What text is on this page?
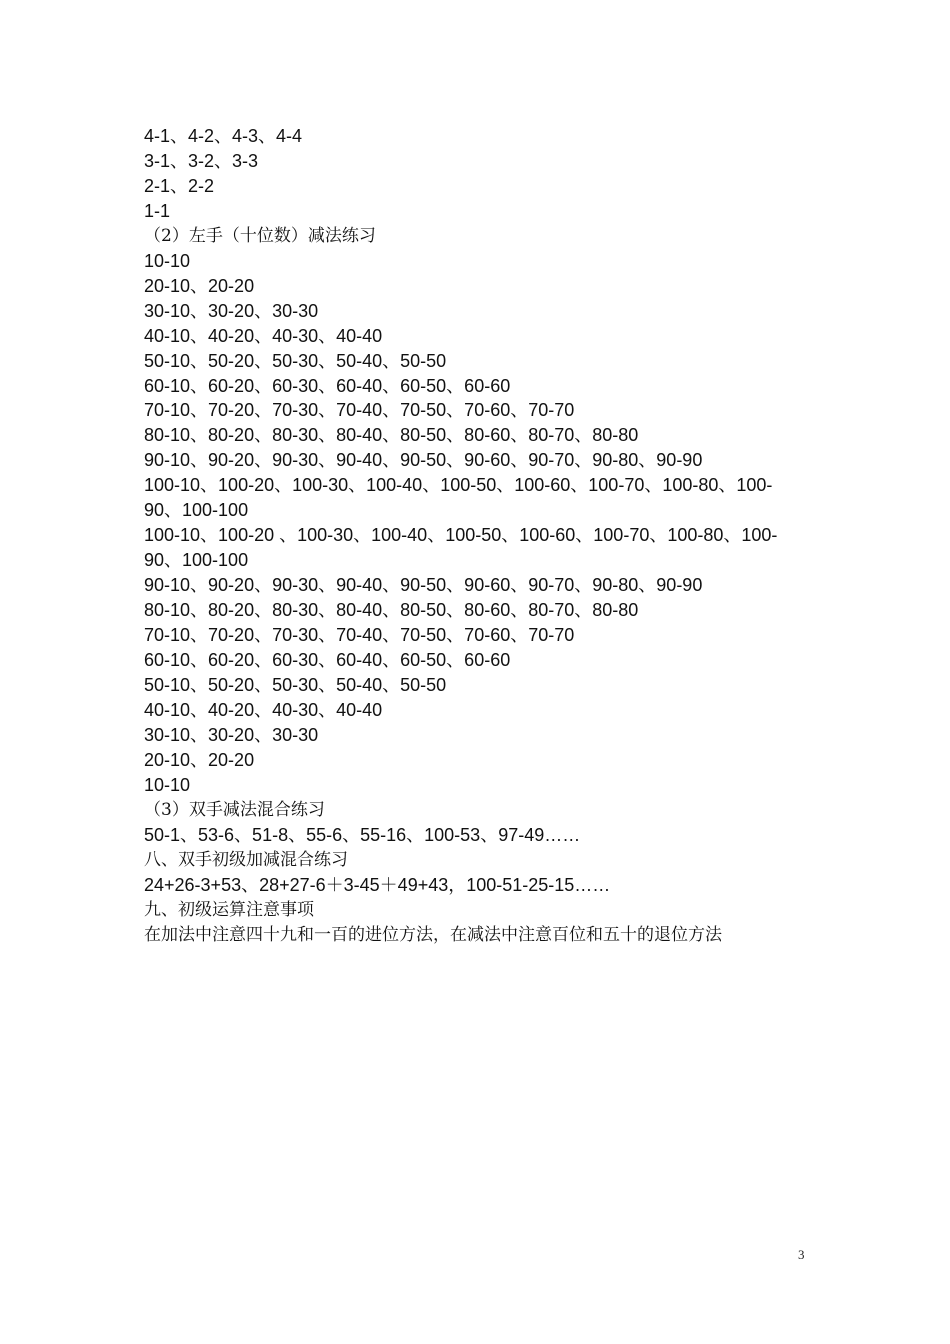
4-1、4-2、4-3、4-4

3-1、3-2、3-3

2-1、2-2

1-1

（2）左手（十位数）减法练习

10-10

20-10、20-20

30-10、30-20、30-30

40-10、40-20、40-30、40-40

50-10、50-20、50-30、50-40、50-50

60-10、60-20、60-30、60-40、60-50、60-60

70-10、70-20、70-30、70-40、70-50、70-60、70-70

80-10、80-20、80-30、80-40、80-50、80-60、80-70、80-80

90-10、90-20、90-30、90-40、90-50、90-60、90-70、90-80、90-90

100-10、100-20、100-30、100-40、100-50、100-60、100-70、100-80、100-

90、100-100

100-10、100-20 、100-30、100-40、100-50、100-60、100-70、100-80、100-

90、100-100

90-10、90-20、90-30、90-40、90-50、90-60、90-70、90-80、90-90

80-10、80-20、80-30、80-40、80-50、80-60、80-70、80-80

70-10、70-20、70-30、70-40、70-50、70-60、70-70

60-10、60-20、60-30、60-40、60-50、60-60

50-10、50-20、50-30、50-40、50-50

40-10、40-20、40-30、40-40

30-10、30-20、30-30

20-10、20-20

10-10

（3）双手减法混合练习

50-1、53-6、51-8、55-6、55-16、100-53、97-49……

八、双手初级加减混合练习

24+26-3+53、28+27-6＋3-45＋49+43，100-51-25-15……

九、初级运算注意事项

在加法中注意四十九和一百的进位方法，在减法中注意百位和五十的退位方法

3
